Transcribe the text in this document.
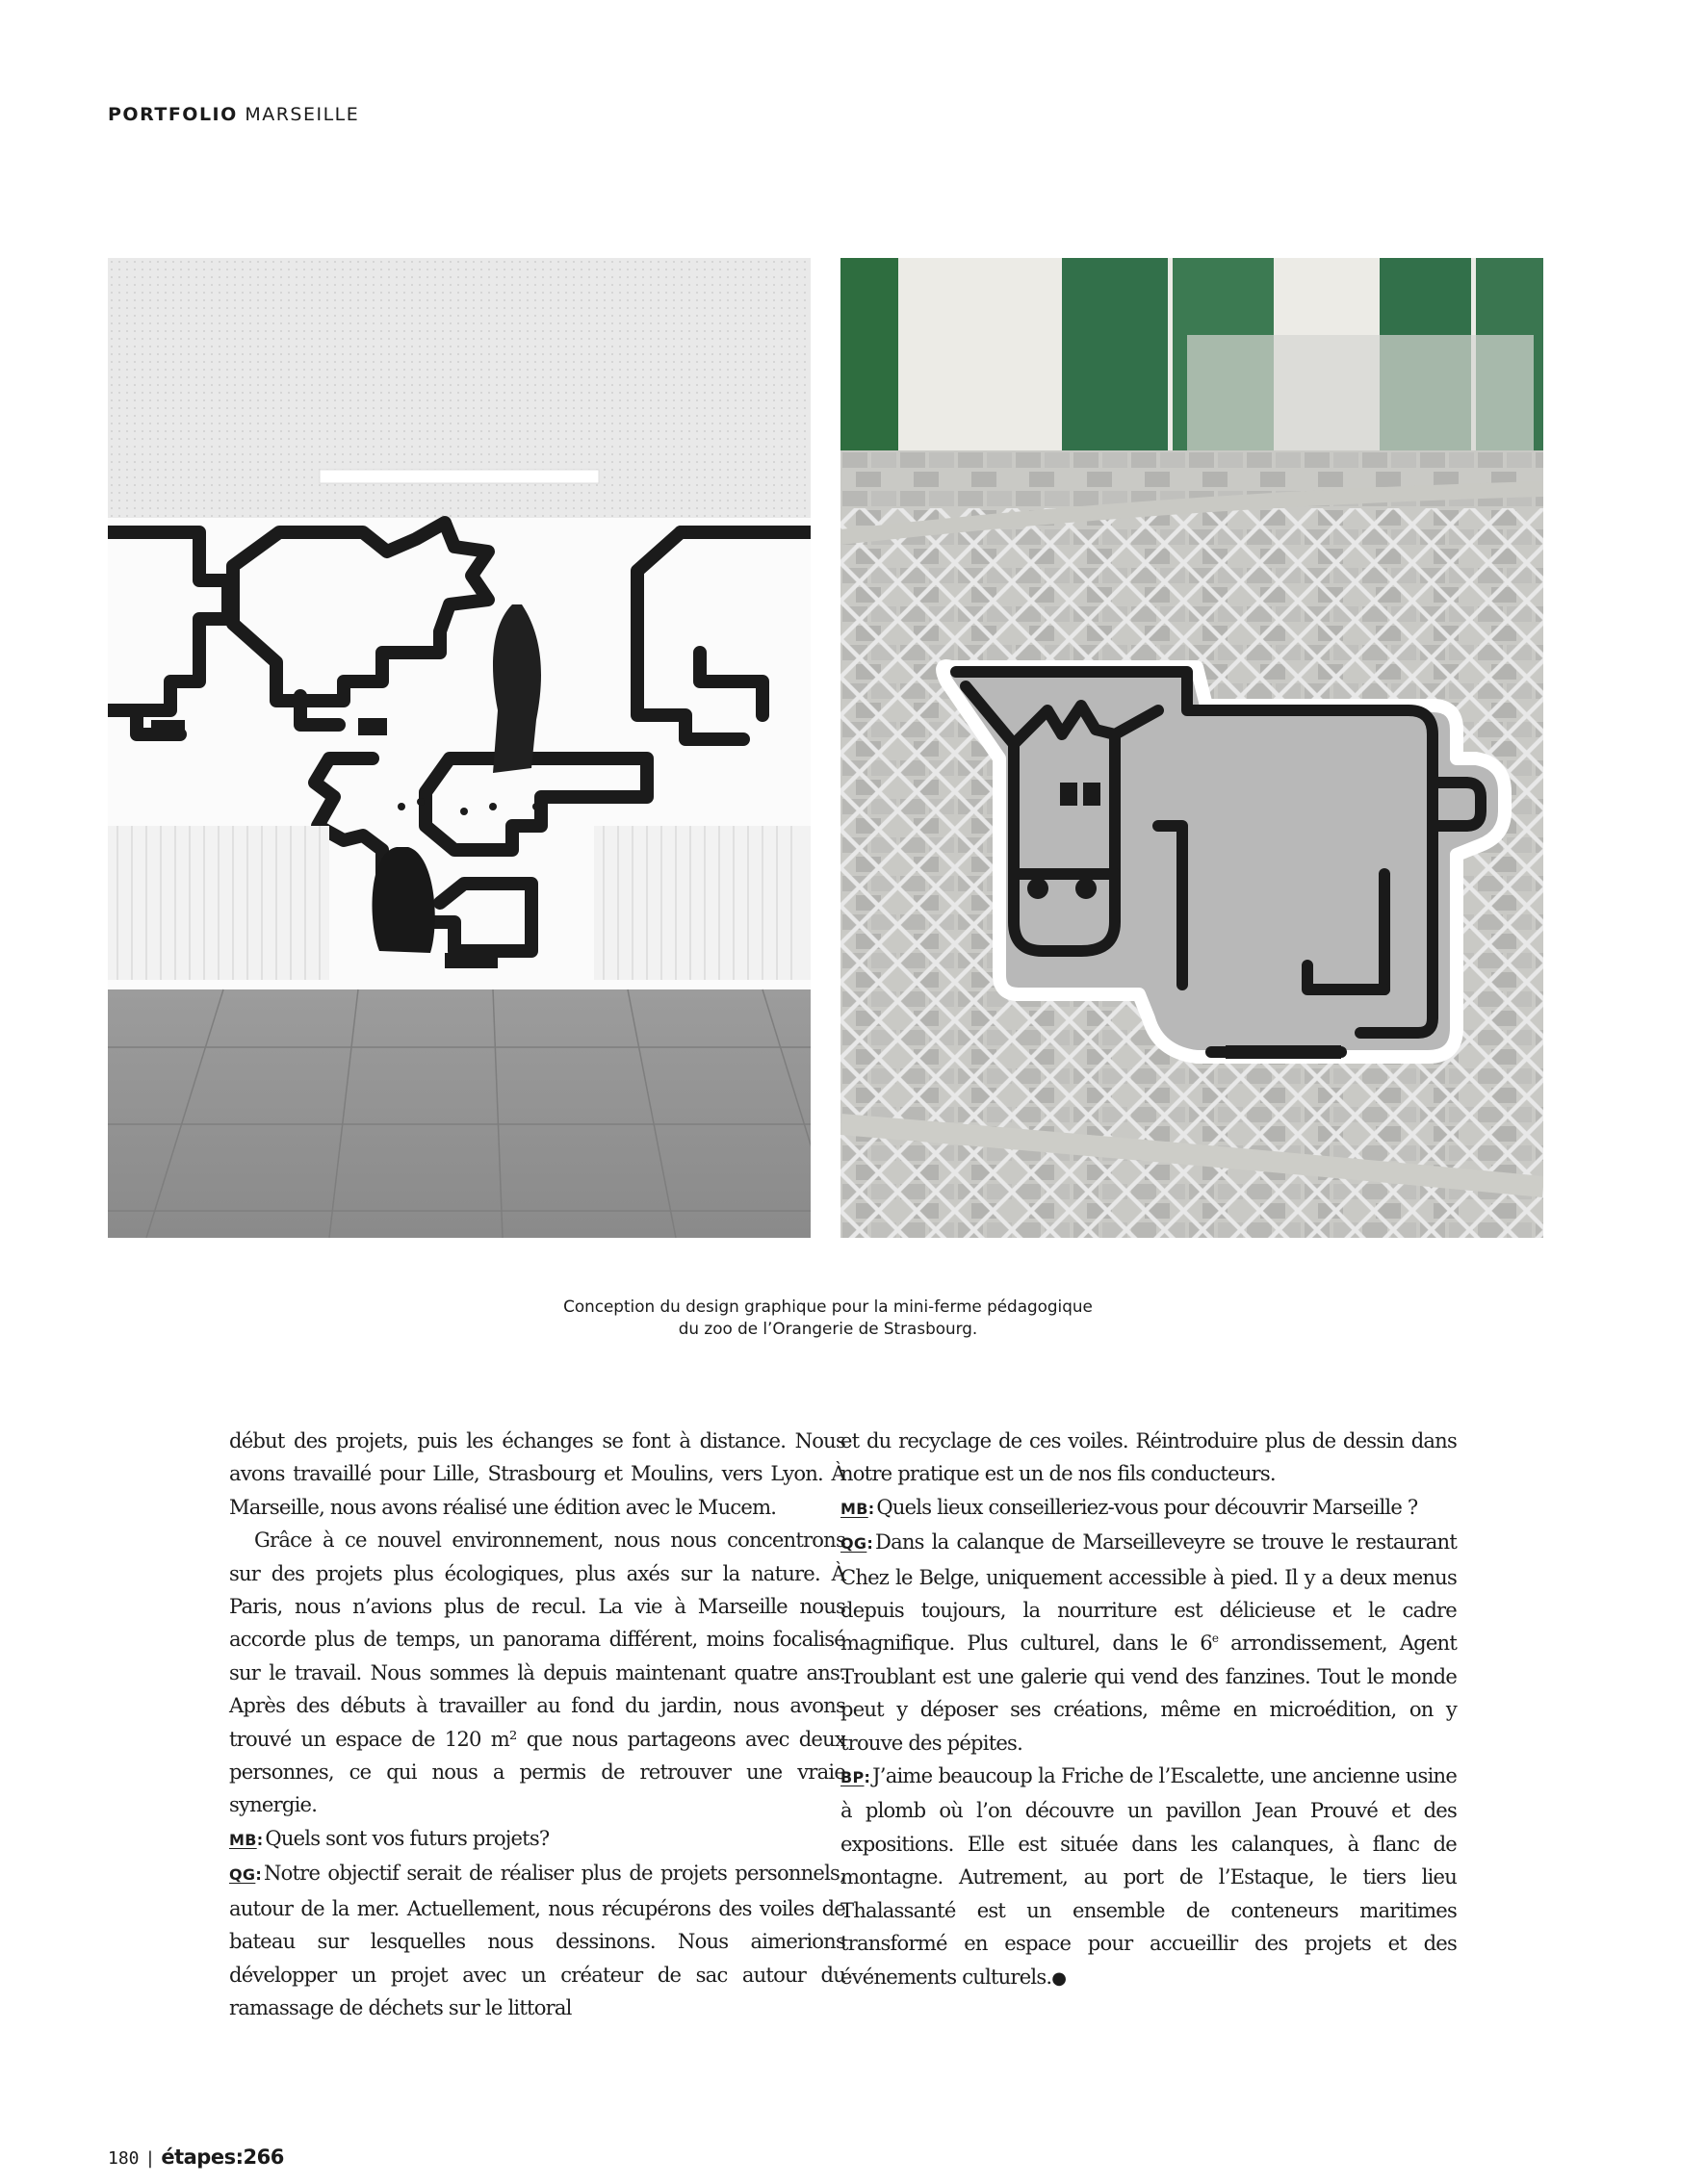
PORTFOLIO MARSEILLE
Conception du design graphique pour la mini-ferme pédagogique
du zoo de l’Orangerie de Strasbourg.

début des projets, puis les échanges se font à distance. Nous avons travaillé pour Lille, Strasbourg et Moulins, vers Lyon. À Marseille, nous avons réalisé une édition avec le Mucem.

Grâce à ce nouvel environnement, nous nous concentrons sur des projets plus écologiques, plus axés sur la nature. À Paris, nous n’avions plus de recul. La vie à Marseille nous accorde plus de temps, un panorama différent, moins focalisé sur le travail. Nous sommes là depuis maintenant quatre ans. Après des débuts à travailler au fond du jardin, nous avons trouvé un espace de 120 m² que nous partageons avec deux personnes, ce qui nous a permis de retrouver une vraie synergie.

MB: Quels sont vos futurs projets?

QG: Notre objectif serait de réaliser plus de projets personnels, autour de la mer. Actuellement, nous récupérons des voiles de bateau sur lesquelles nous dessinons. Nous aimerions développer un projet avec un créateur de sac autour du ramassage de déchets sur le littoral

et du recyclage de ces voiles. Réintroduire plus de dessin dans notre pratique est un de nos fils conducteurs.

MB: Quels lieux conseilleriez-vous pour découvrir Marseille ?

QG: Dans la calanque de Marseilleveyre se trouve le restaurant Chez le Belge, uniquement accessible à pied. Il y a deux menus depuis toujours, la nourriture est délicieuse et le cadre magnifique. Plus culturel, dans le 6e arrondissement, Agent Troublant est une galerie qui vend des fanzines. Tout le monde peut y déposer ses créations, même en microédition, on y trouve des pépites.

BP: J’aime beaucoup la Friche de l’Escalette, une ancienne usine à plomb où l’on découvre un pavillon Jean Prouvé et des expositions. Elle est située dans les calanques, à flanc de montagne. Autrement, au port de l’Estaque, le tiers lieu Thalassanté est un ensemble de conteneurs maritimes transformé en espace pour accueillir des projets et des événements culturels.●

180 | étapes:266
